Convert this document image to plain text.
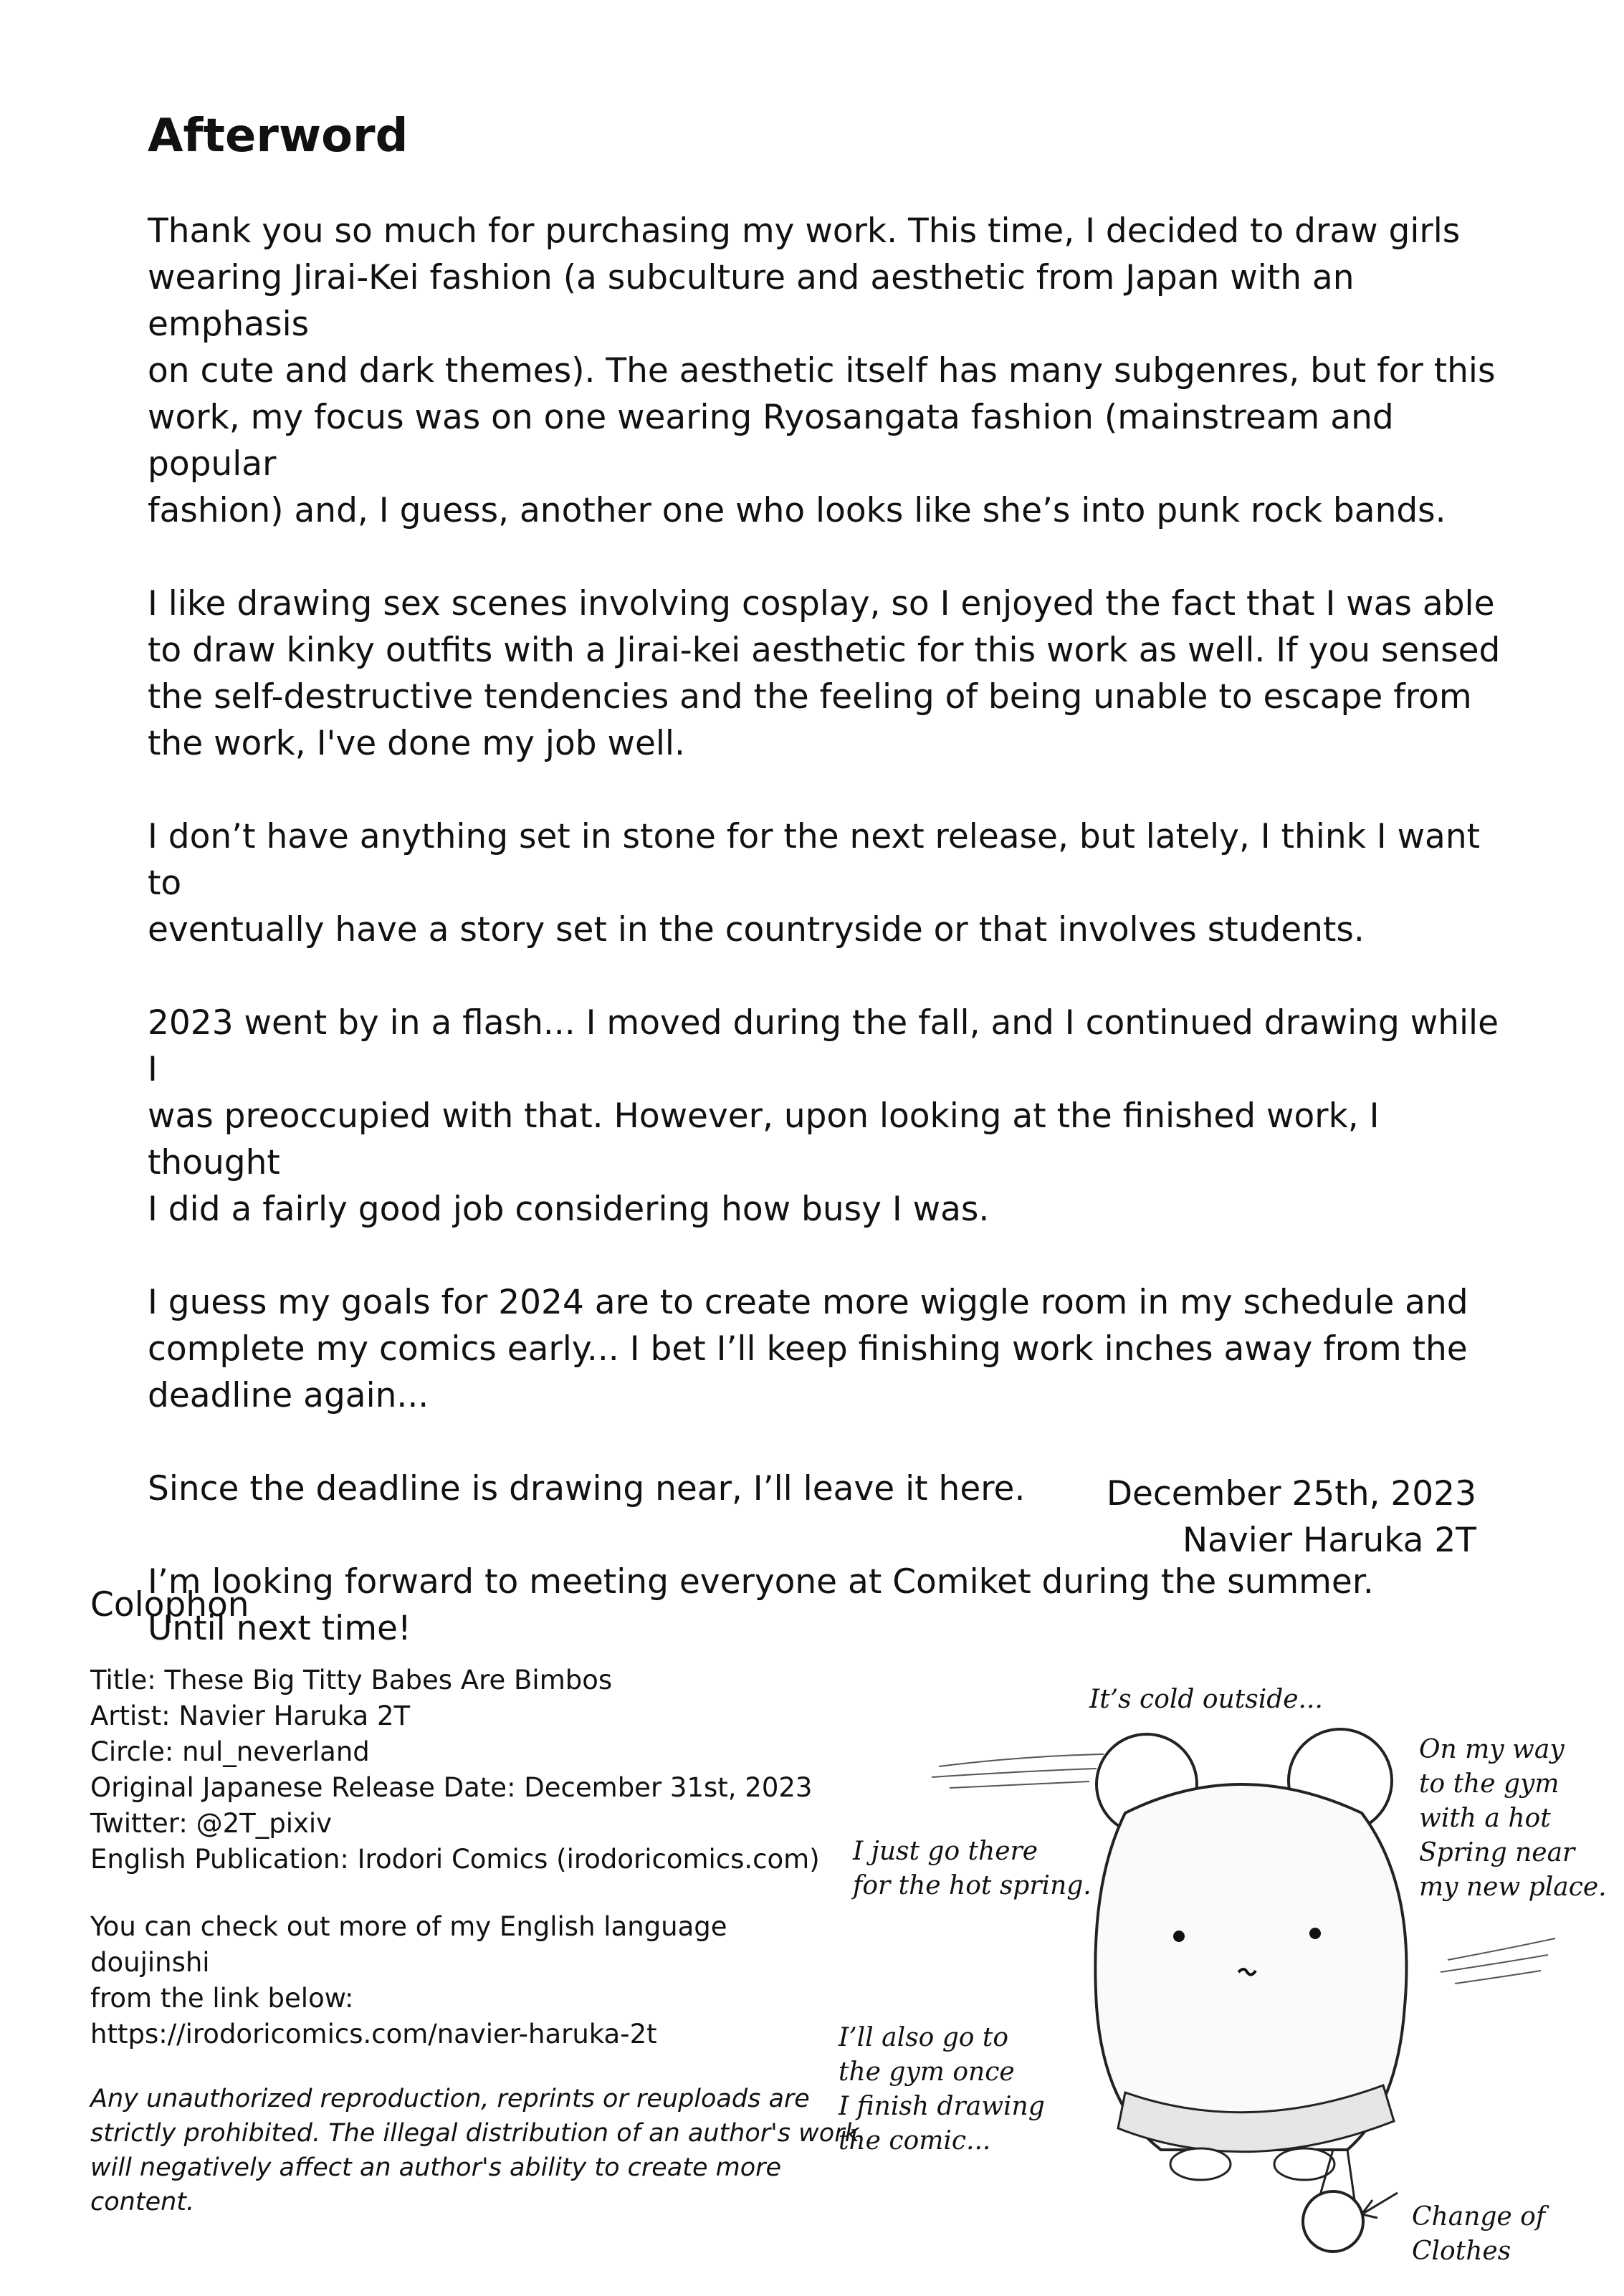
Afterword

Thank you so much for purchasing my work. This time, I decided to draw girls
wearing Jirai-Kei fashion (a subculture and aesthetic from Japan with an emphasis
on cute and dark themes). The aesthetic itself has many subgenres, but for this
work, my focus was on one wearing Ryosangata fashion (mainstream and popular
fashion) and, I guess, another one who looks like she’s into punk rock bands.

I like drawing sex scenes involving cosplay, so I enjoyed the fact that I was able
to draw kinky outfits with a Jirai-kei aesthetic for this work as well. If you sensed
the self-destructive tendencies and the feeling of being unable to escape from
the work, I've done my job well.

I don’t have anything set in stone for the next release, but lately, I think I want to
eventually have a story set in the countryside or that involves students.

2023 went by in a flash... I moved during the fall, and I continued drawing while I
was preoccupied with that. However, upon looking at the finished work, I thought
I did a fairly good job considering how busy I was.

I guess my goals for 2024 are to create more wiggle room in my schedule and
complete my comics early... I bet I’ll keep finishing work inches away from the
deadline again...

Since the deadline is drawing near, I’ll leave it here.

I’m looking forward to meeting everyone at Comiket during the summer.
Until next time!

December 25th, 2023
Navier Haruka 2T
Colophon
Title: These Big Titty Babes Are Bimbos
Artist: Navier Haruka 2T
Circle: nul_neverland
Original Japanese Release Date: December 31st, 2023
Twitter: @2T_pixiv
English Publication: Irodori Comics (irodoricomics.com)
You can check out more of my English language doujinshi
from the link below:
https://irodoricomics.com/navier-haruka-2t
Any unauthorized reproduction, reprints or reuploads are
strictly prohibited. The illegal distribution of an author's work
will negatively affect an author's ability to create more content.
It’s cold outside...
On my way
to the gym
with a hot
Spring near
my new place.
I just go there
for the hot spring.
I’ll also go to
the gym once
I finish drawing
the comic...
Change of
Clothes
